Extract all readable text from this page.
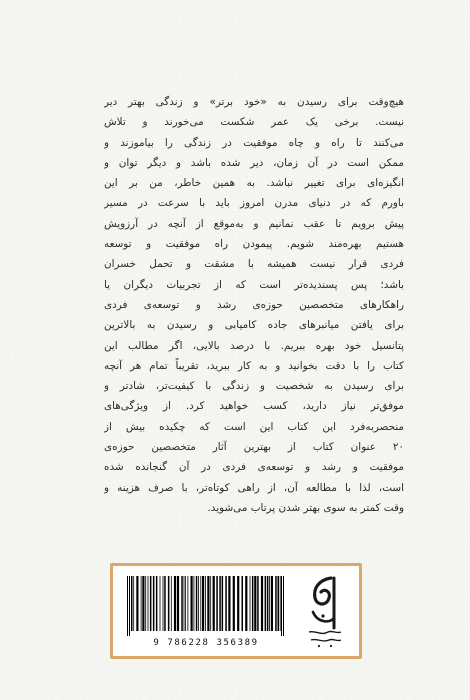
هیچ‌وقت برای رسیدن به «خود برتر» و زندگی بهتر دیر
نیست. برخی یک عمر شکست می‌خورند و تلاش
می‌کنند تا راه و چاه موفقیت در زندگی را بیاموزند و
ممکن است در آن زمان، دیر شده باشد و دیگر توان و
انگیزه‌ای برای تغییر نباشد. به همین خاطر، من بر این
باورم که در دنیای مدرن امروز باید با سرعت در مسیر
پیش برویم تا عقب نمانیم و به‌موقع از آنچه در آرزویش
هستیم بهره‌مند شویم. پیمودن راه موفقیت و توسعه
فردی قرار نیست همیشه با مشقت و تحمل خسران
باشد؛ پس پسندیده‌تر است که از تجربیات دیگران یا
راهکارهای متخصصین حوزه‌ی رشد و توسعه‌ی فردی
برای یافتن میانبرهای جاده کامیابی و رسیدن به بالاترین
پتانسیل خود بهره ببریم. با درصد بالایی، اگر مطالب این
کتاب را با دقت بخوانید و به کار ببرید، تقریباً تمام هر آنچه
برای رسیدن به شخصیت و زندگی با کیفیت‌تر، شادتر و
موفق‌تر نیاز دارید، کسب خواهید کرد. از ویژگی‌های
منحصربه‌فرد این کتاب این است که چکیده بیش از
۲۰ عنوان کتاب از بهترین آثار متخصصین حوزه‌ی
موفقیت و رشد و توسعه‌ی فردی در آن گنجانده شده
است، لذا با مطالعه آن، از راهی کوتاه‌تر، با صرف هزینه و
وقت کمتر به سوی بهتر شدن پرتاب می‌شوید.
9 786228 356389
